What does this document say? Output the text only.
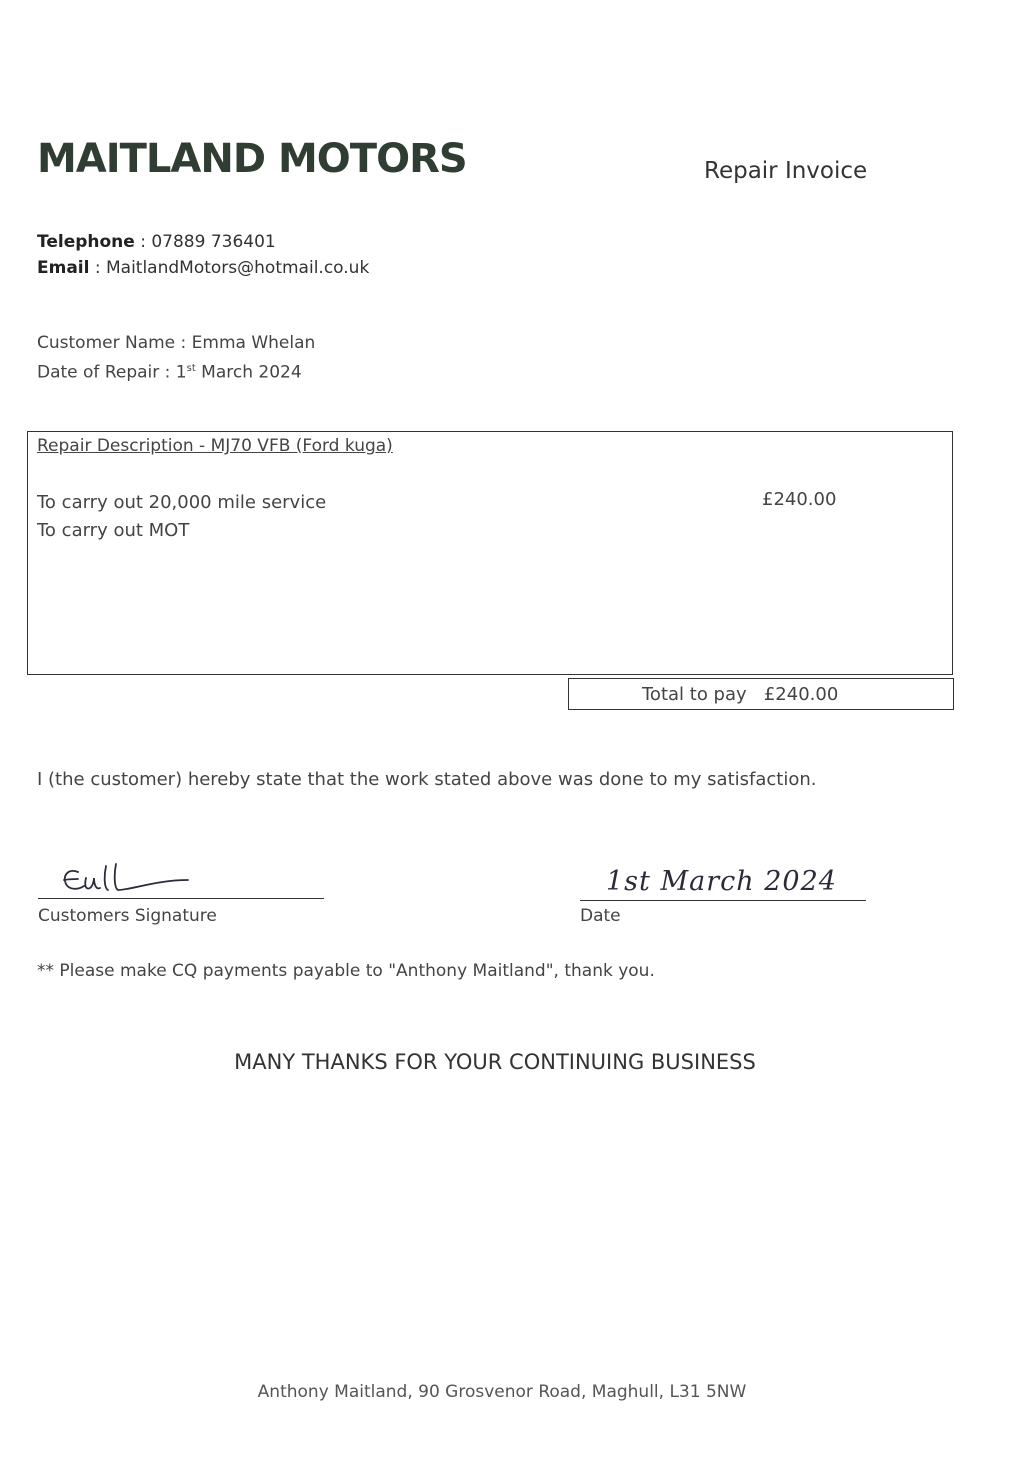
MAITLAND MOTORS	Repair Invoice
Telephone : 07889 736401
Email : MaitlandMotors@hotmail.co.uk
Customer Name : Emma Whelan
Date of Repair : 1st March 2024
Repair Description - MJ70 VFB (Ford kuga)
To carry out 20,000 mile service
To carry out MOT
£240.00
Total to pay £240.00
I (the customer) hereby state that the work stated above was done to my satisfaction.
Customers Signature
1st March 2024
Date
** Please make CQ payments payable to "Anthony Maitland", thank you.
MANY THANKS FOR YOUR CONTINUING BUSINESS
Anthony Maitland, 90 Grosvenor Road, Maghull, L31 5NW
